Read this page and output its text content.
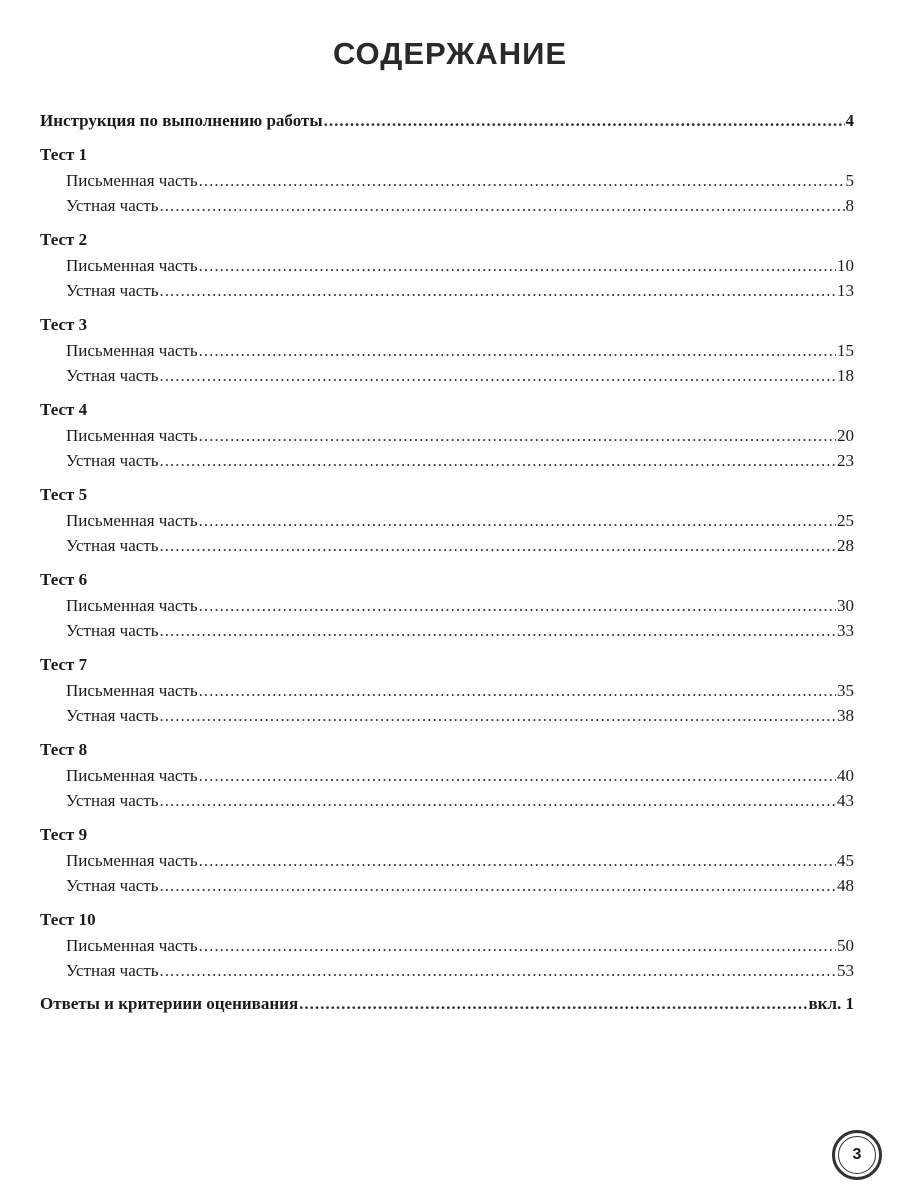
СОДЕРЖАНИЕ
Инструкция по выполнению работы .....	4
Тест 1
Письменная часть .....	5
Устная часть .....	8
Тест 2
Письменная часть .....	10
Устная часть .....	13
Тест 3
Письменная часть .....	15
Устная часть .....	18
Тест 4
Письменная часть .....	20
Устная часть .....	23
Тест 5
Письменная часть .....	25
Устная часть .....	28
Тест 6
Письменная часть .....	30
Устная часть .....	33
Тест 7
Письменная часть .....	35
Устная часть .....	38
Тест 8
Письменная часть .....	40
Устная часть .....	43
Тест 9
Письменная часть .....	45
Устная часть .....	48
Тест 10
Письменная часть .....	50
Устная часть .....	53
Ответы и критериии оценивания .....	вкл. 1
3
